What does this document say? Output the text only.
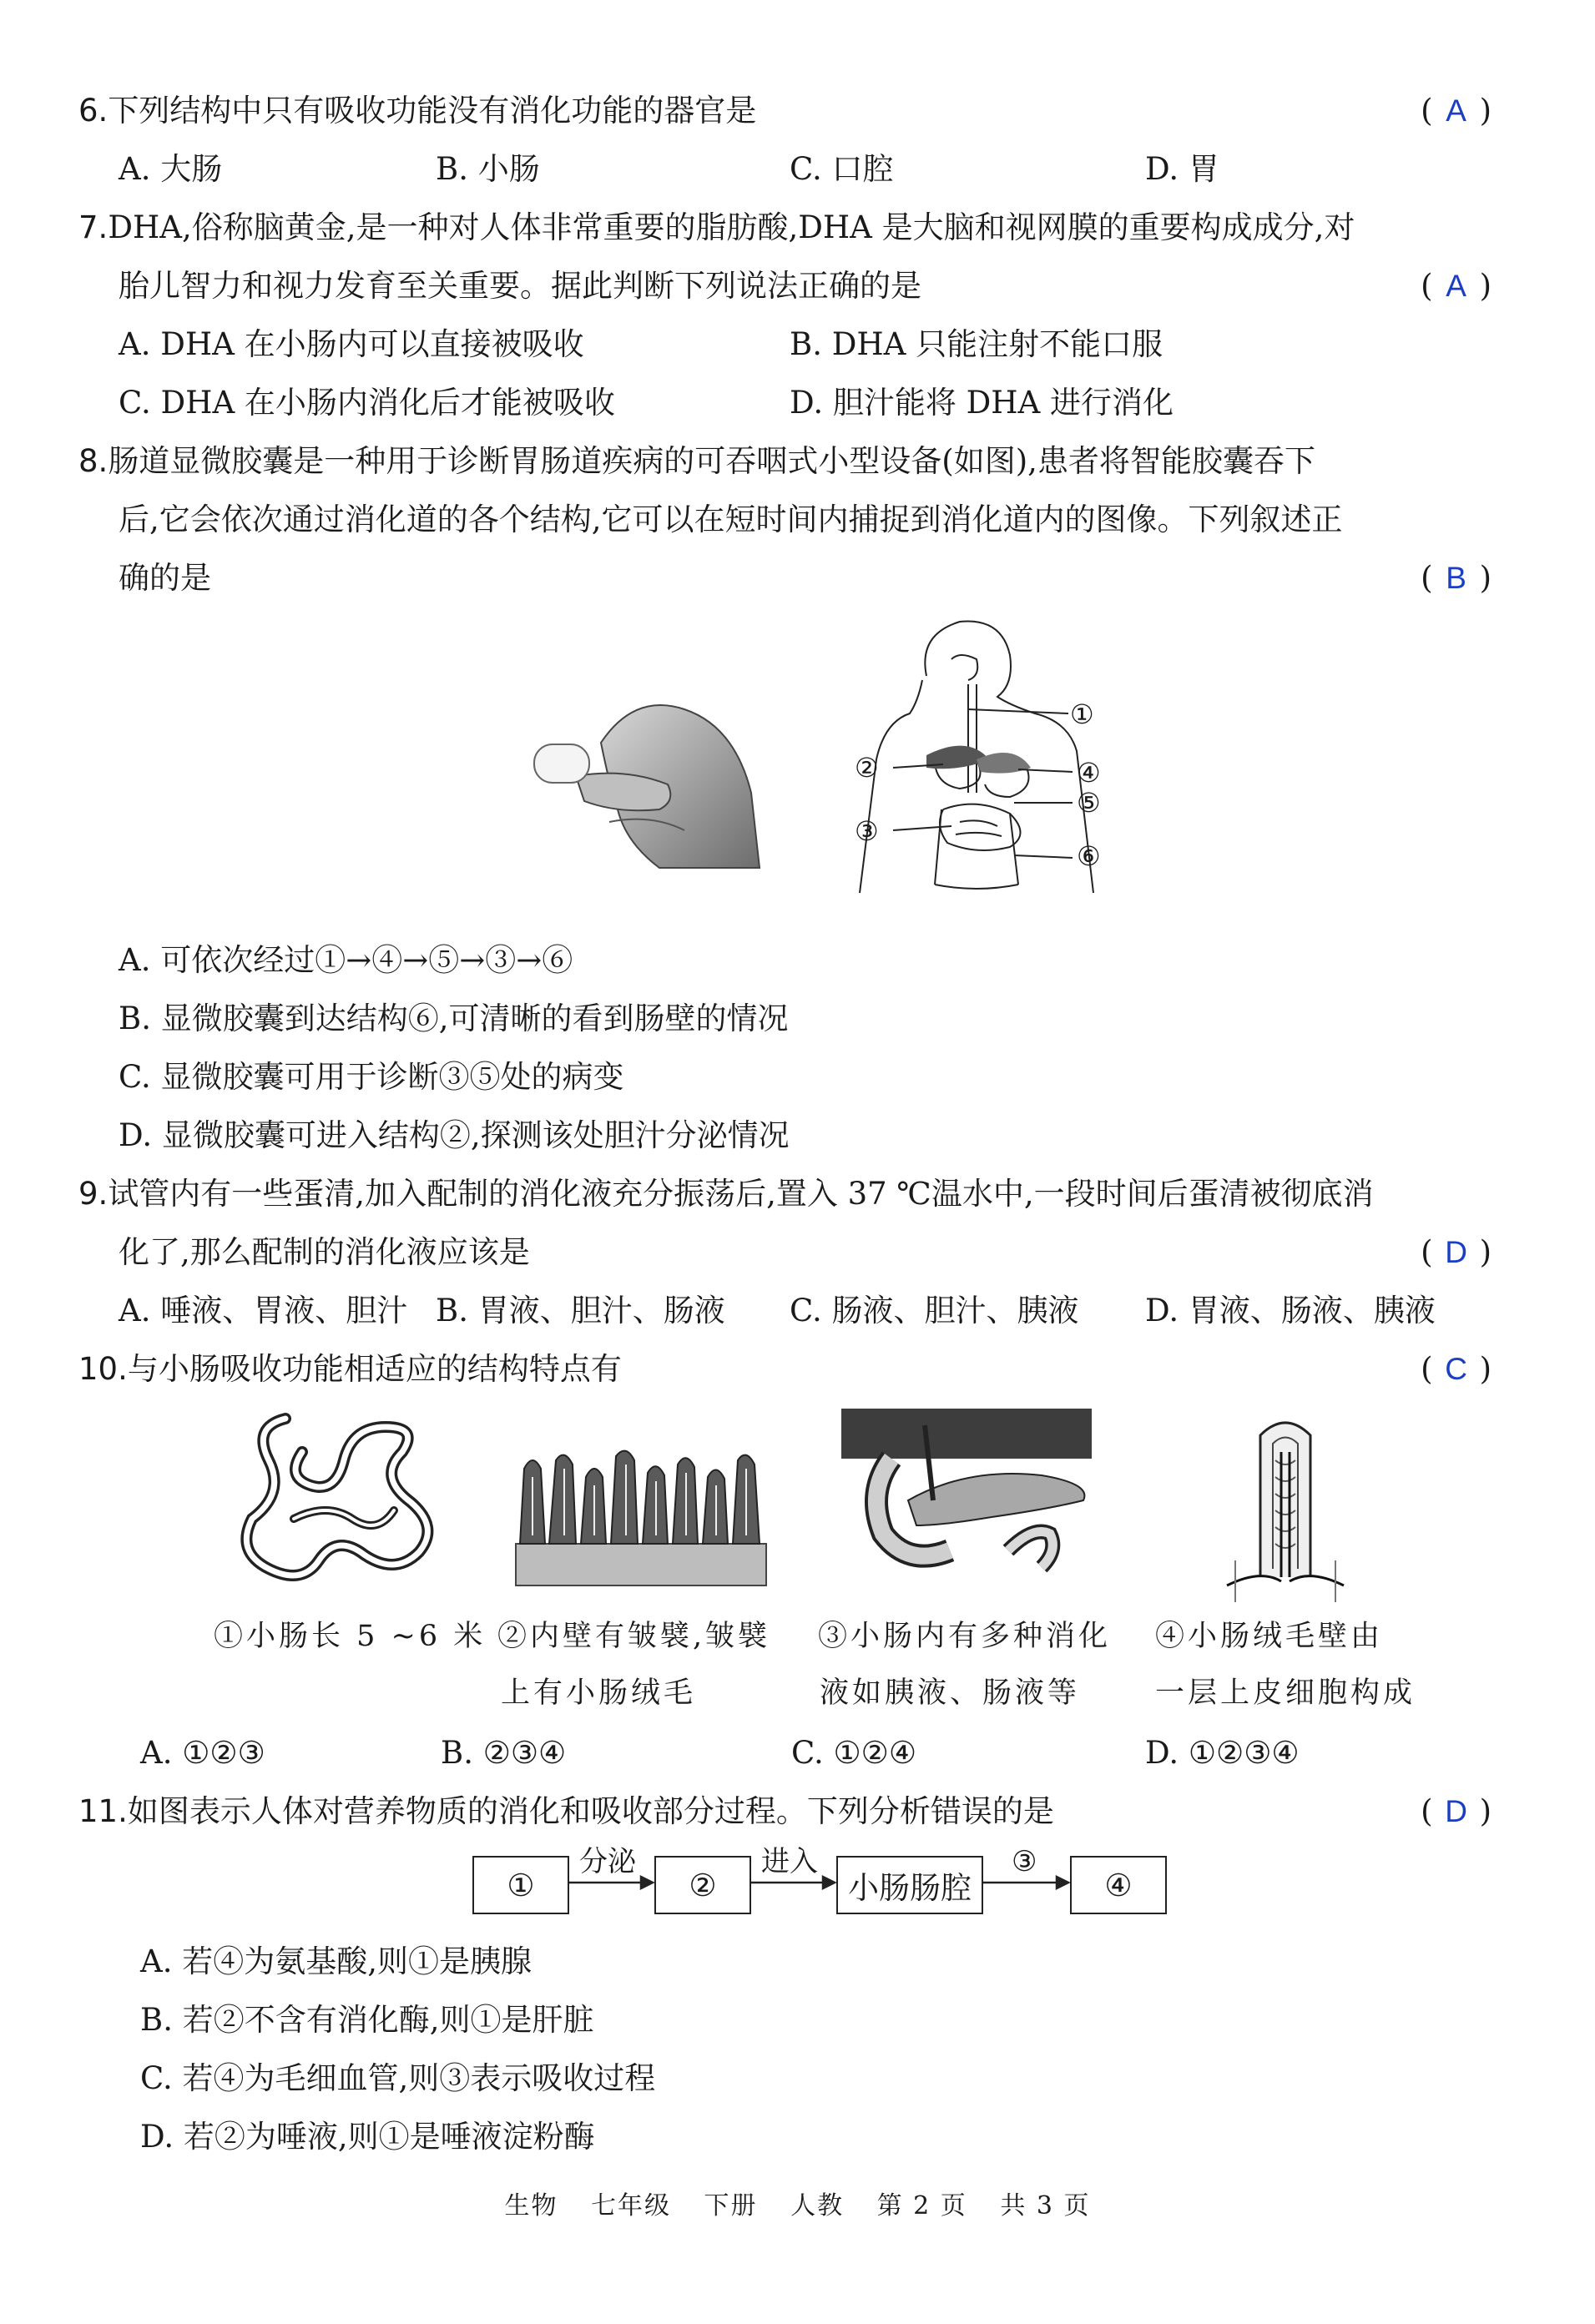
6.下列结构中只有吸收功能没有消化功能的器官是	( A )
A. 大肠	B. 小肠	C. 口腔	D. 胃
7.DHA,俗称脑黄金,是一种对人体非常重要的脂肪酸,DHA 是大脑和视网膜的重要构成成分,对
胎儿智力和视力发育至关重要。据此判断下列说法正确的是	( A )
A. DHA 在小肠内可以直接被吸收	B. DHA 只能注射不能口服
C. DHA 在小肠内消化后才能被吸收	D. 胆汁能将 DHA 进行消化
8.肠道显微胶囊是一种用于诊断胃肠道疾病的可吞咽式小型设备(如图),患者将智能胶囊吞下
后,它会依次通过消化道的各个结构,它可以在短时间内捕捉到消化道内的图像。下列叙述正
确的是	( B )
①
②
③
④
⑤
⑥
A. 可依次经过①→④→⑤→③→⑥
B. 显微胶囊到达结构⑥,可清晰的看到肠壁的情况
C. 显微胶囊可用于诊断③⑤处的病变
D. 显微胶囊可进入结构②,探测该处胆汁分泌情况
9.试管内有一些蛋清,加入配制的消化液充分振荡后,置入 37 ℃温水中,一段时间后蛋清被彻底消
化了,那么配制的消化液应该是	( D )
A. 唾液、胃液、胆汁 B. 胃液、胆汁、肠液 C. 肠液、胆汁、胰液 D. 胃液、肠液、胰液
10.与小肠吸收功能相适应的结构特点有	( C )
①小肠长 5 ~6 米 ②内壁有皱襞,皱襞
上有小肠绒毛
③小肠内有多种消化
液如胰液、肠液等
④小肠绒毛壁由
一层上皮细胞构成
A. ①②③	B. ②③④	C. ①②④	D. ①②③④
11.如图表示人体对营养物质的消化和吸收部分过程。下列分析错误的是	( D )
①	②	小肠肠腔	④
分泌	进入	③
A. 若④为氨基酸,则①是胰腺
B. 若②不含有消化酶,则①是肝脏
C. 若④为毛细血管,则③表示吸收过程
D. 若②为唾液,则①是唾液淀粉酶
生物 七年级 下册 人教 第 2 页 共 3 页
